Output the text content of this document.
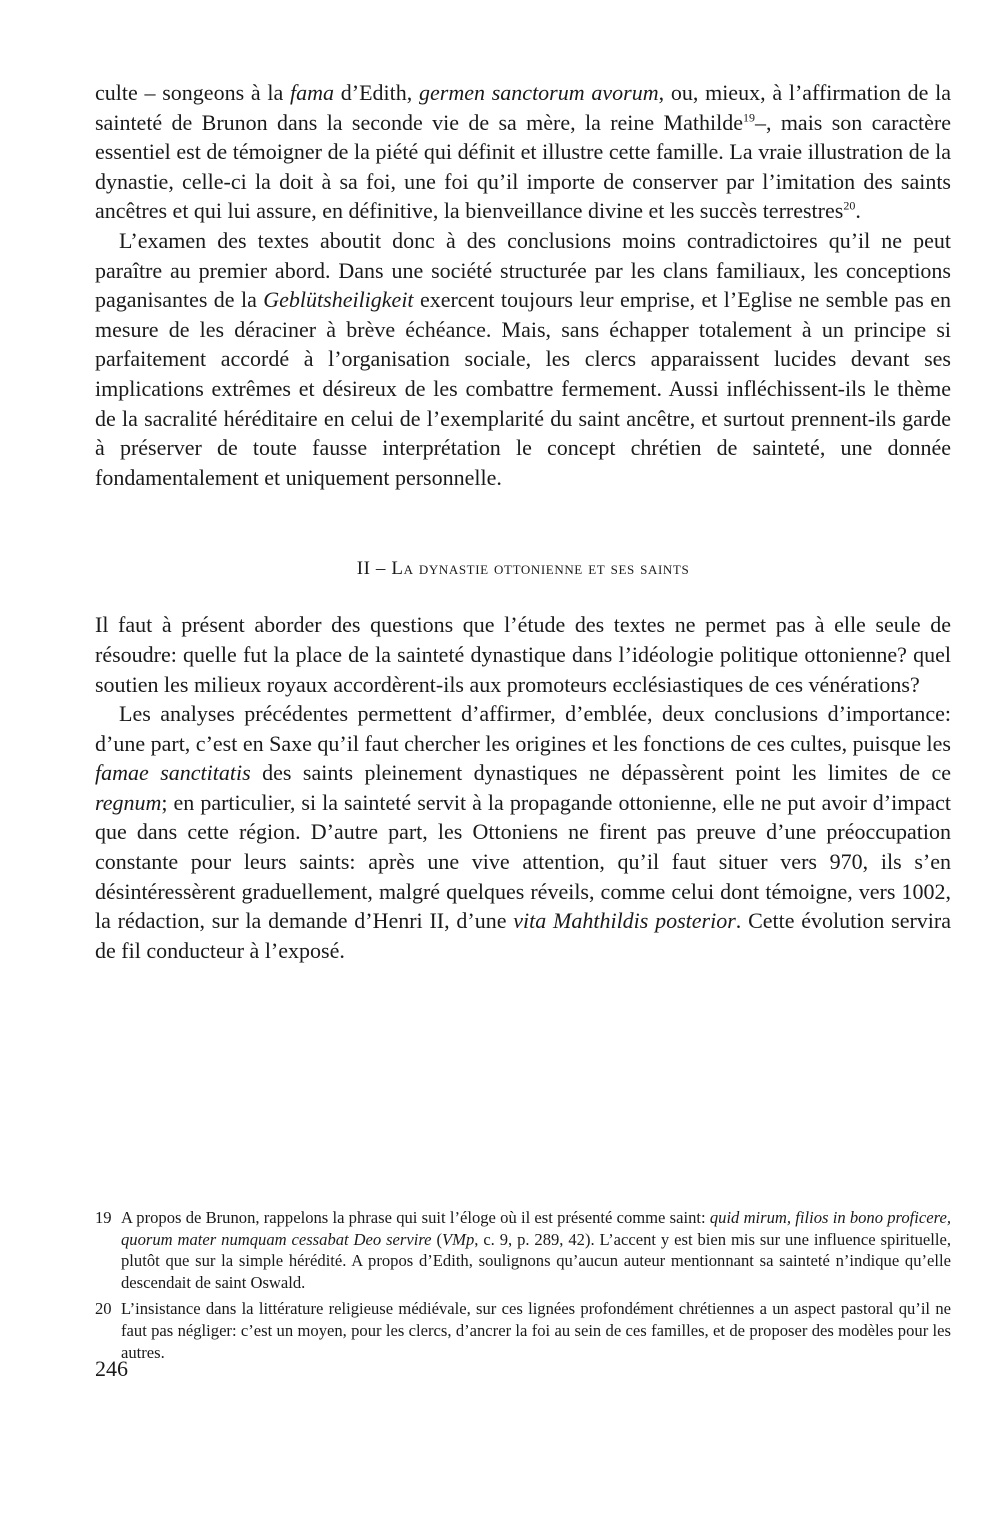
culte – songeons à la fama d’Edith, germen sanctorum avorum, ou, mieux, à l’affirmation de la sainteté de Brunon dans la seconde vie de sa mère, la reine Mathilde$^{19}$–, mais son caractère essentiel est de témoigner de la piété qui définit et illustre cette famille. La vraie illustration de la dynastie, celle-ci la doit à sa foi, une foi qu’il importe de conserver par l’imitation des saints ancêtres et qui lui assure, en définitive, la bienveillance divine et les succès terrestres$^{20}$.

L’examen des textes aboutit donc à des conclusions moins contradictoires qu’il ne peut paraître au premier abord. Dans une société structurée par les clans familiaux, les conceptions paganisantes de la Geblütsheiligkeit exercent toujours leur emprise, et l’Eglise ne semble pas en mesure de les déraciner à brève échéance. Mais, sans échapper totalement à un principe si parfaitement accordé à l’organisation sociale, les clercs apparaissent lucides devant ses implications extrêmes et désireux de les combattre fermement. Aussi infléchissent-ils le thème de la sacralité héréditaire en celui de l’exemplarité du saint ancêtre, et surtout prennent-ils garde à préserver de toute fausse interprétation le concept chrétien de sainteté, une donnée fondamentalement et uniquement personnelle.

II – La dynastie ottonienne et ses saints

Il faut à présent aborder des questions que l’étude des textes ne permet pas à elle seule de résoudre: quelle fut la place de la sainteté dynastique dans l’idéologie politique ottonienne? quel soutien les milieux royaux accordèrent-ils aux promoteurs ecclésiastiques de ces vénérations?

Les analyses précédentes permettent d’affirmer, d’emblée, deux conclusions d’importance: d’une part, c’est en Saxe qu’il faut chercher les origines et les fonctions de ces cultes, puisque les famae sanctitatis des saints pleinement dynastiques ne dépassèrent point les limites de ce regnum; en particulier, si la sainteté servit à la propagande ottonienne, elle ne put avoir d’impact que dans cette région. D’autre part, les Ottoniens ne firent pas preuve d’une préoccupation constante pour leurs saints: après une vive attention, qu’il faut situer vers 970, ils s’en désintéressèrent graduellement, malgré quelques réveils, comme celui dont témoigne, vers 1002, la rédaction, sur la demande d’Henri II, d’une vita Mahthildis posterior. Cette évolution servira de fil conducteur à l’exposé.

19 A propos de Brunon, rappelons la phrase qui suit l’éloge où il est présenté comme saint: quid mirum, filios in bono proficere, quorum mater numquam cessabat Deo servire (VMp, c. 9, p. 289, 42). L’accent y est bien mis sur une influence spirituelle, plutôt que sur la simple hérédité. A propos d’Edith, soulignons qu’aucun auteur mentionnant sa sainteté n’indique qu’elle descendait de saint Oswald.
20 L’insistance dans la littérature religieuse médiévale, sur ces lignées profondément chrétiennes a un aspect pastoral qu’il ne faut pas négliger: c’est un moyen, pour les clercs, d’ancrer la foi au sein de ces familles, et de proposer des modèles pour les autres.
246
